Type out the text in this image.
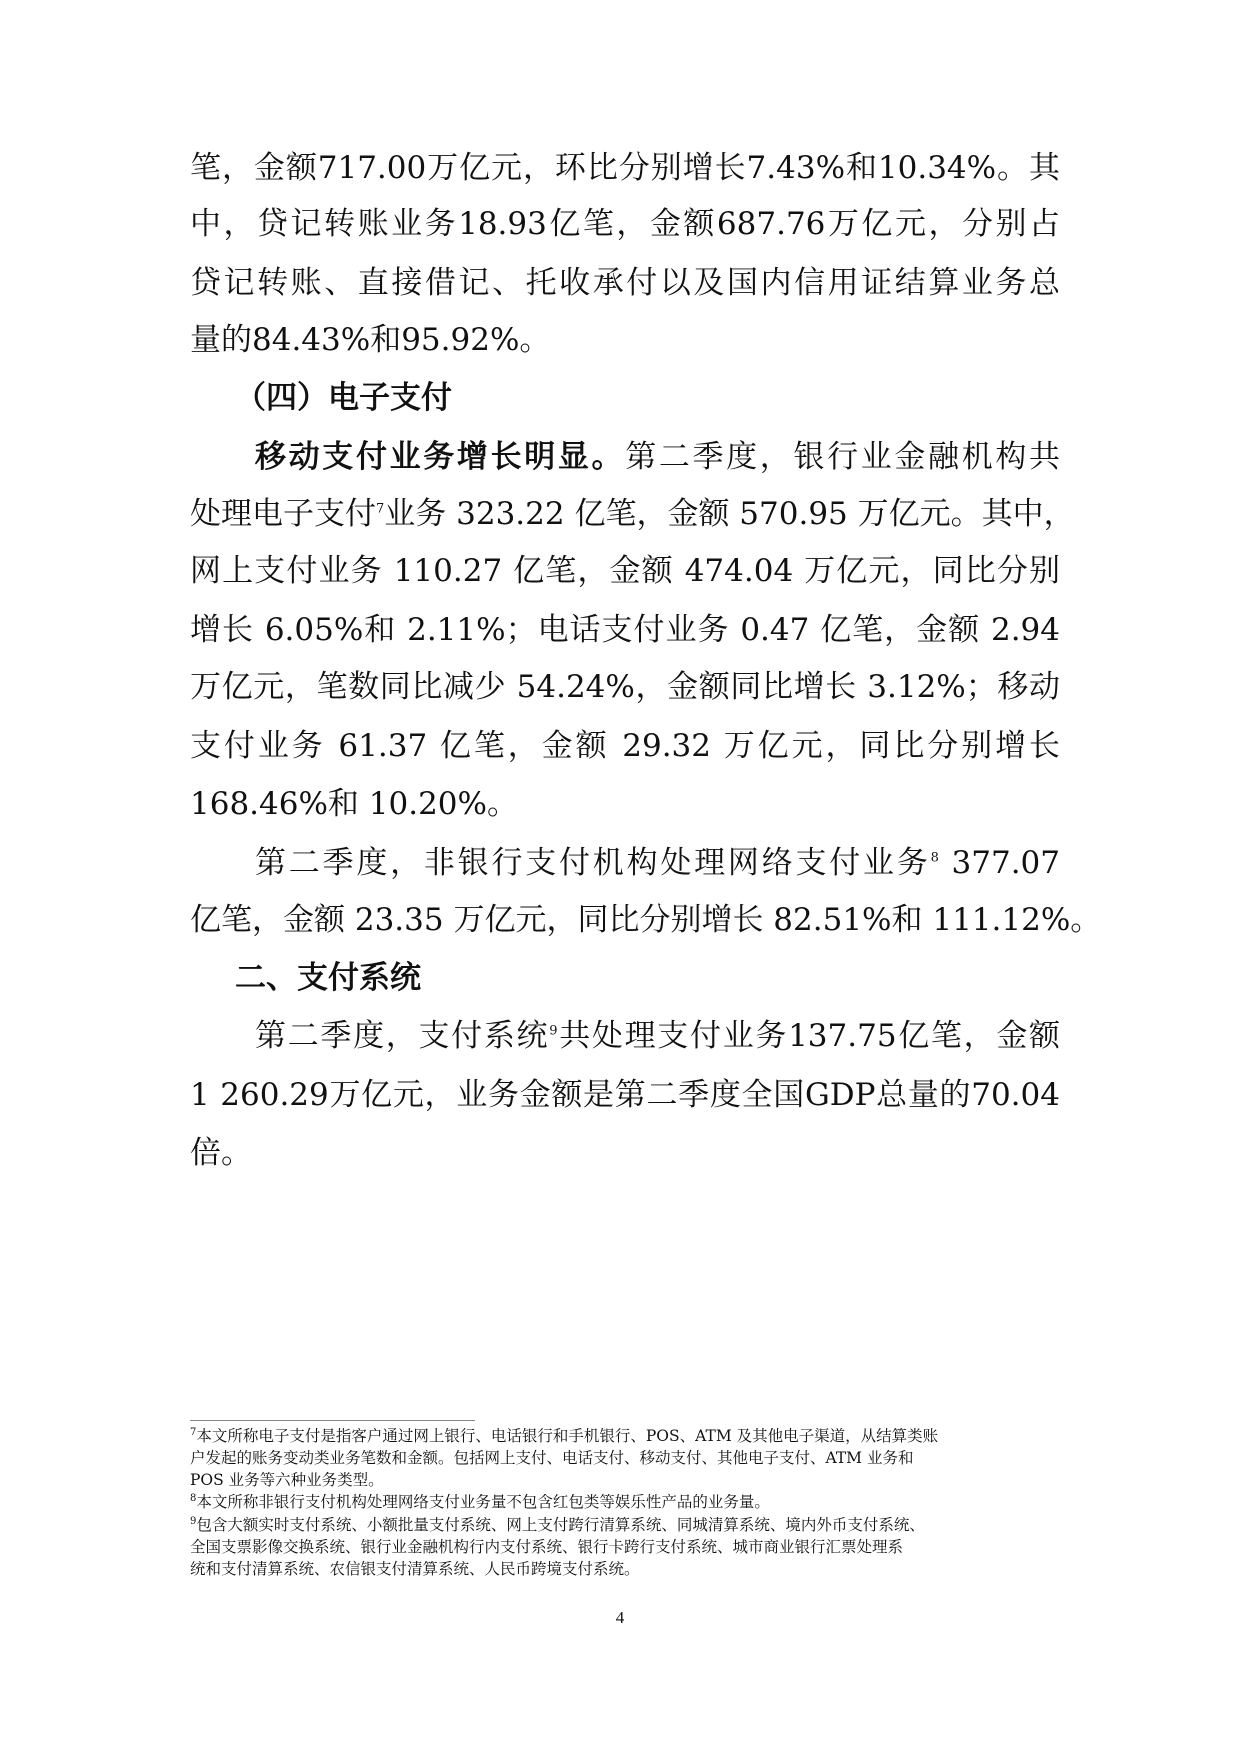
笔，金额717.00万亿元，环比分别增长7.43%和10.34%。其
中，贷记转账业务18.93亿笔，金额687.76万亿元，分别占
贷记转账、直接借记、托收承付以及国内信用证结算业务总
量的84.43%和95.92%。
（四）电子支付
移动支付业务增长明显。第二季度，银行业金融机构共
处理电子支付$^7$业务 323.22 亿笔，金额 570.95 万亿元。其中，
网上支付业务 110.27 亿笔，金额 474.04 万亿元，同比分别
增长 6.05%和 2.11%；电话支付业务 0.47 亿笔，金额 2.94
万亿元，笔数同比减少 54.24%，金额同比增长 3.12%；移动
支付业务 61.37 亿笔，金额 29.32 万亿元，同比分别增长
168.46%和 10.20%。
第二季度，非银行支付机构处理网络支付业务$^8$ 377.07
亿笔，金额 23.35 万亿元，同比分别增长 82.51%和 111.12%。
二、支付系统
第二季度，支付系统$^9$共处理支付业务137.75亿笔，金额
1 260.29万亿元，业务金额是第二季度全国GDP总量的70.04
倍。
$^7$本文所称电子支付是指客户通过网上银行、电话银行和手机银行、POS、ATM 及其他电子渠道，从结算类账
户发起的账务变动类业务笔数和金额。包括网上支付、电话支付、移动支付、其他电子支付、ATM 业务和
POS 业务等六种业务类型。
$^8$本文所称非银行支付机构处理网络支付业务量不包含红包类等娱乐性产品的业务量。
$^9$包含大额实时支付系统、小额批量支付系统、网上支付跨行清算系统、同城清算系统、境内外币支付系统、
全国支票影像交换系统、银行业金融机构行内支付系统、银行卡跨行支付系统、城市商业银行汇票处理系
统和支付清算系统、农信银支付清算系统、人民币跨境支付系统。
4
